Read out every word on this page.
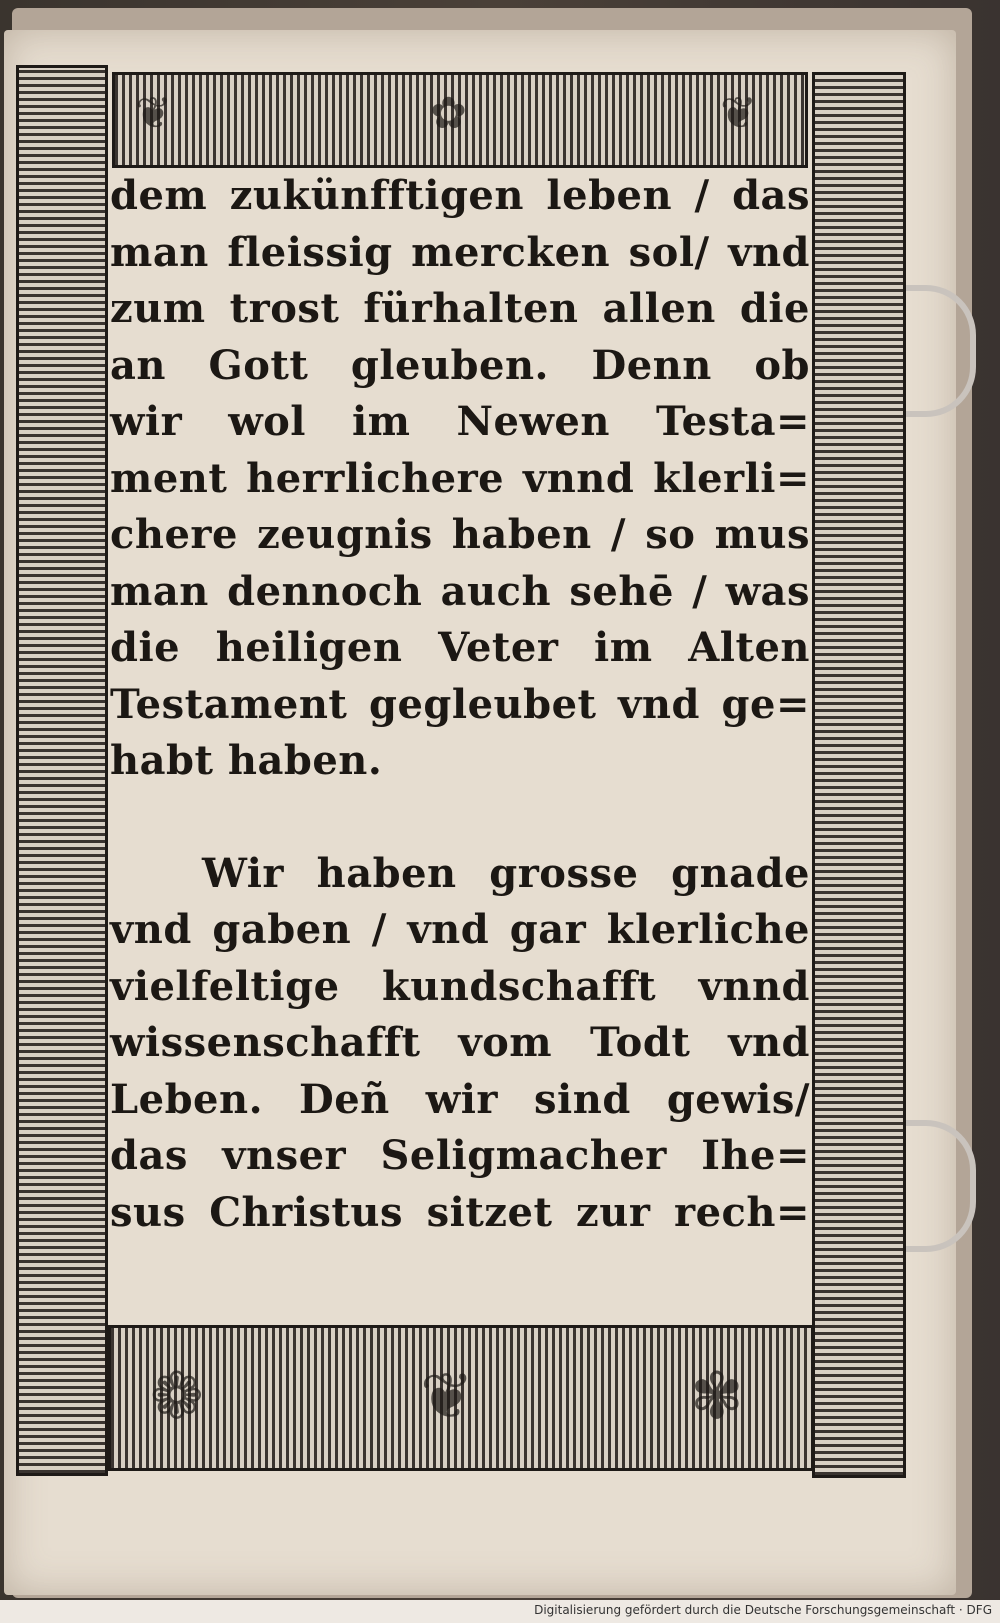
❦	✿	❦
❁	❦	✾
dem zukünfftigen leben / das
man fleissig mercken sol/ vnd
zum trost fürhalten allen die
an Gott gleuben. Denn ob
wir wol im Newen Testa=
ment herrlichere vnnd klerli=
chere zeugnis haben / so mus
man dennoch auch sehē / was
die heiligen Veter im Alten
Testament gegleubet vnd ge=
habt haben.
Wir haben grosse gnade
vnd gaben / vnd gar klerliche
vielfeltige kundschafft vnnd
wissenschafft vom Todt vnd
Leben. Deñ wir sind gewis/
das vnser Seligmacher Ihe=
sus Christus sitzet zur rech=
Digitalisierung gefördert durch die Deutsche Forschungsgemeinschaft · DFG
